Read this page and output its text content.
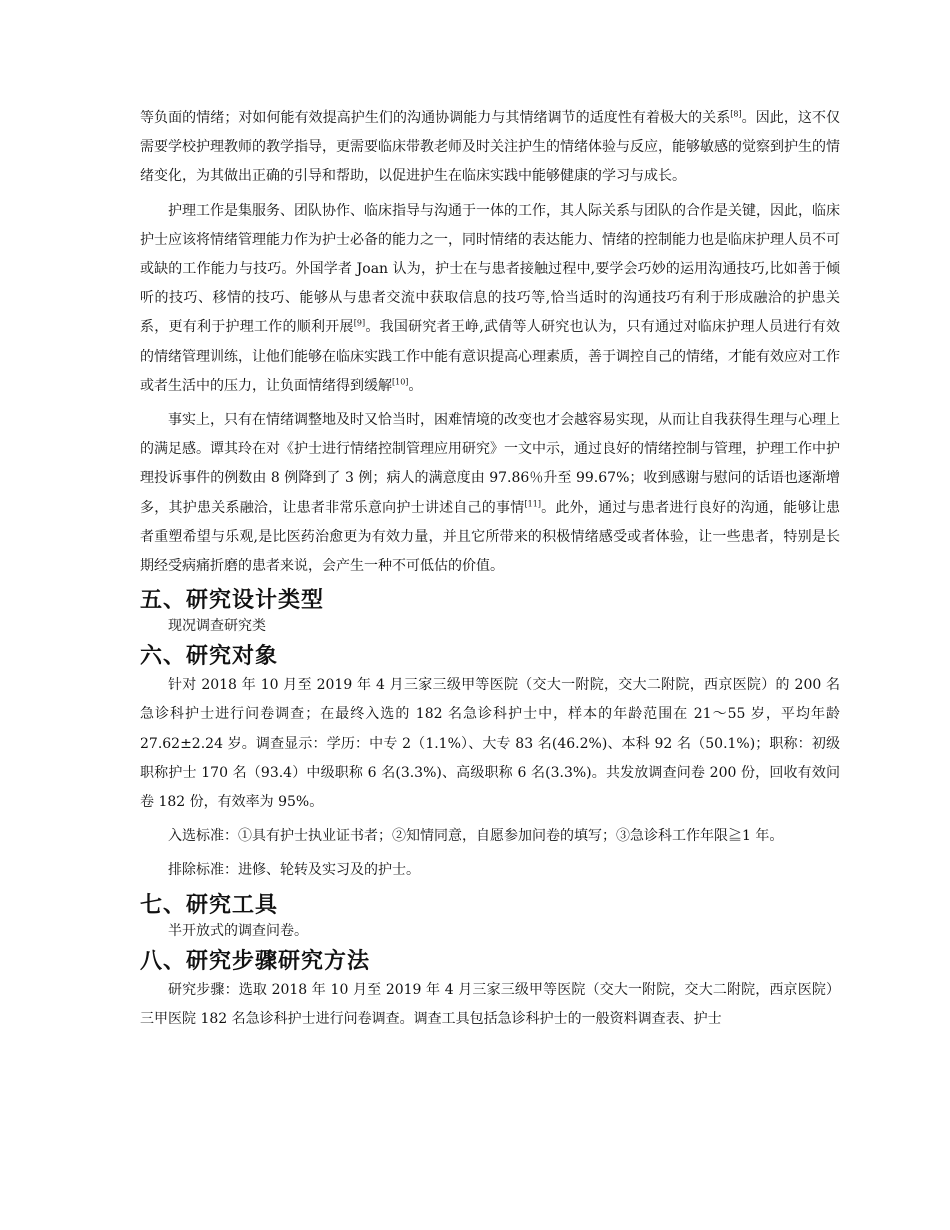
等负面的情绪；对如何能有效提高护生们的沟通协调能力与其情绪调节的适度性有着极大的关系[8]。因此，这不仅需要学校护理教师的教学指导，更需要临床带教老师及时关注护生的情绪体验与反应，能够敏感的觉察到护生的情绪变化，为其做出正确的引导和帮助，以促进护生在临床实践中能够健康的学习与成长。

护理工作是集服务、团队协作、临床指导与沟通于一体的工作，其人际关系与团队的合作是关键，因此，临床护士应该将情绪管理能力作为护士必备的能力之一，同时情绪的表达能力、情绪的控制能力也是临床护理人员不可或缺的工作能力与技巧。外国学者 Joan 认为，护士在与患者接触过程中,要学会巧妙的运用沟通技巧,比如善于倾听的技巧、移情的技巧、能够从与患者交流中获取信息的技巧等,恰当适时的沟通技巧有利于形成融洽的护患关系，更有利于护理工作的顺利开展[9]。我国研究者王峥,武倩等人研究也认为，只有通过对临床护理人员进行有效的情绪管理训练，让他们能够在临床实践工作中能有意识提高心理素质，善于调控自己的情绪，才能有效应对工作或者生活中的压力，让负面情绪得到缓解[10]。

事实上，只有在情绪调整地及时又恰当时，困难情境的改变也才会越容易实现，从而让自我获得生理与心理上的满足感。谭其玲在对《护士进行情绪控制管理应用研究》一文中示，通过良好的情绪控制与管理，护理工作中护理投诉事件的例数由 8 例降到了 3 例；病人的满意度由 97.86％升至 99.67%；收到感谢与慰问的话语也逐渐增多，其护患关系融洽，让患者非常乐意向护士讲述自己的事情[11]。此外，通过与患者进行良好的沟通，能够让患者重塑希望与乐观,是比医药治愈更为有效力量，并且它所带来的积极情绪感受或者体验，让一些患者，特别是长期经受病痛折磨的患者来说，会产生一种不可低估的价值。

五、研究设计类型

现况调查研究类

六、研究对象

针对 2018 年 10 月至 2019 年 4 月三家三级甲等医院（交大一附院，交大二附院，西京医院）的 200 名急诊科护士进行问卷调查；在最终入选的 182 名急诊科护士中，样本的年龄范围在 21～55 岁，平均年龄 27.62±2.24 岁。调查显示：学历：中专 2（1.1%）、大专 83 名(46.2%)、本科 92 名（50.1%)；职称：初级职称护士 170 名（93.4）中级职称 6 名(3.3%)、高级职称 6 名(3.3%)。共发放调查问卷 200 份，回收有效问卷 182 份，有效率为 95%。

入选标准：①具有护士执业证书者；②知情同意，自愿参加问卷的填写；③急诊科工作年限≧1 年。

排除标准：进修、轮转及实习及的护士。

七、研究工具

半开放式的调查问卷。

八、研究步骤研究方法

研究步骤：选取 2018 年 10 月至 2019 年 4 月三家三级甲等医院（交大一附院，交大二附院，西京医院）三甲医院 182 名急诊科护士进行问卷调查。调查工具包括急诊科护士的一般资料调查表、护士
